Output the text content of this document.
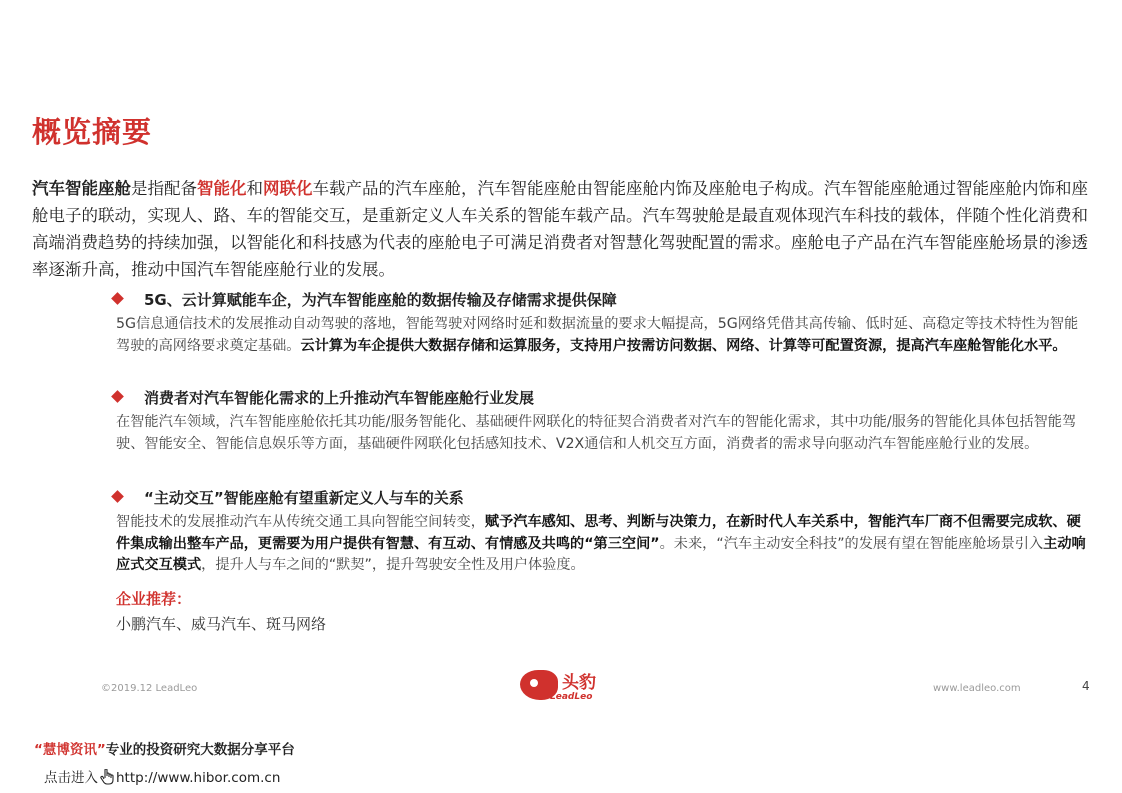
概览摘要
汽车智能座舱是指配备智能化和网联化车载产品的汽车座舱，汽车智能座舱由智能座舱内饰及座舱电子构成。汽车智能座舱通过智能座舱内饰和座舱电子的联动，实现人、路、车的智能交互，是重新定义人车关系的智能车载产品。汽车驾驶舱是最直观体现汽车科技的载体，伴随个性化消费和高端消费趋势的持续加强，以智能化和科技感为代表的座舱电子可满足消费者对智慧化驾驶配置的需求。座舱电子产品在汽车智能座舱场景的渗透率逐渐升高，推动中国汽车智能座舱行业的发展。
5G、云计算赋能车企，为汽车智能座舱的数据传输及存储需求提供保障
5G信息通信技术的发展推动自动驾驶的落地，智能驾驶对网络时延和数据流量的要求大幅提高，5G网络凭借其高传输、低时延、高稳定等技术特性为智能驾驶的高网络要求奠定基础。云计算为车企提供大数据存储和运算服务，支持用户按需访问数据、网络、计算等可配置资源，提高汽车座舱智能化水平。
消费者对汽车智能化需求的上升推动汽车智能座舱行业发展
在智能汽车领域，汽车智能座舱依托其功能/服务智能化、基础硬件网联化的特征契合消费者对汽车的智能化需求，其中功能/服务的智能化具体包括智能驾驶、智能安全、智能信息娱乐等方面，基础硬件网联化包括感知技术、V2X通信和人机交互方面，消费者的需求导向驱动汽车智能座舱行业的发展。
“主动交互”智能座舱有望重新定义人与车的关系
智能技术的发展推动汽车从传统交通工具向智能空间转变，赋予汽车感知、思考、判断与决策力，在新时代人车关系中，智能汽车厂商不但需要完成软、硬件集成输出整车产品，更需要为用户提供有智慧、有互动、有情感及共鸣的“第三空间”。未来，“汽车主动安全科技”的发展有望在智能座舱场景引入主动响应式交互模式，提升人与车之间的“默契”，提升驾驶安全性及用户体验度。
企业推荐：
小鹏汽车、威马汽车、斑马网络
©2019.12 LeadLeo	头豹
LeadLeo
www.leadleo.com	4
“慧博资讯”专业的投资研究大数据分享平台
点击进入 http://www.hibor.com.cn
